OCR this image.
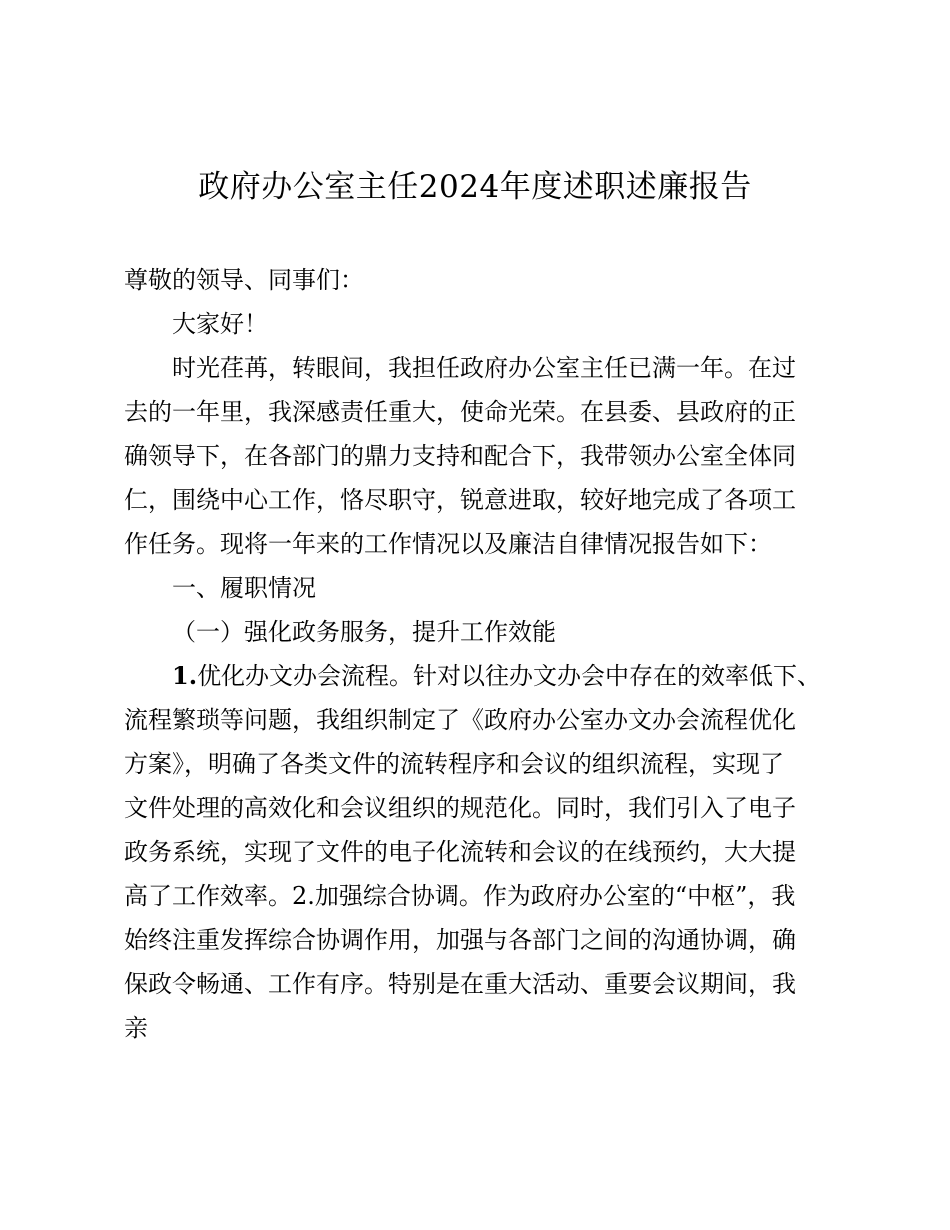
政府办公室主任2024年度述职述廉报告
尊敬的领导、同事们：
大家好！
时光荏苒，转眼间，我担任政府办公室主任已满一年。在过
去的一年里，我深感责任重大，使命光荣。在县委、县政府的正
确领导下，在各部门的鼎力支持和配合下，我带领办公室全体同
仁，围绕中心工作，恪尽职守，锐意进取，较好地完成了各项工
作任务。现将一年来的工作情况以及廉洁自律情况报告如下：
一、履职情况
（一）强化政务服务，提升工作效能
1.优化办文办会流程。针对以往办文办会中存在的效率低下、
流程繁琐等问题，我组织制定了《政府办公室办文办会流程优化
方案》，明确了各类文件的流转程序和会议的组织流程，实现了
文件处理的高效化和会议组织的规范化。同时，我们引入了电子
政务系统，实现了文件的电子化流转和会议的在线预约，大大提
高了工作效率。2.加强综合协调。作为政府办公室的“中枢”，我
始终注重发挥综合协调作用，加强与各部门之间的沟通协调，确
保政令畅通、工作有序。特别是在重大活动、重要会议期间，我
亲
